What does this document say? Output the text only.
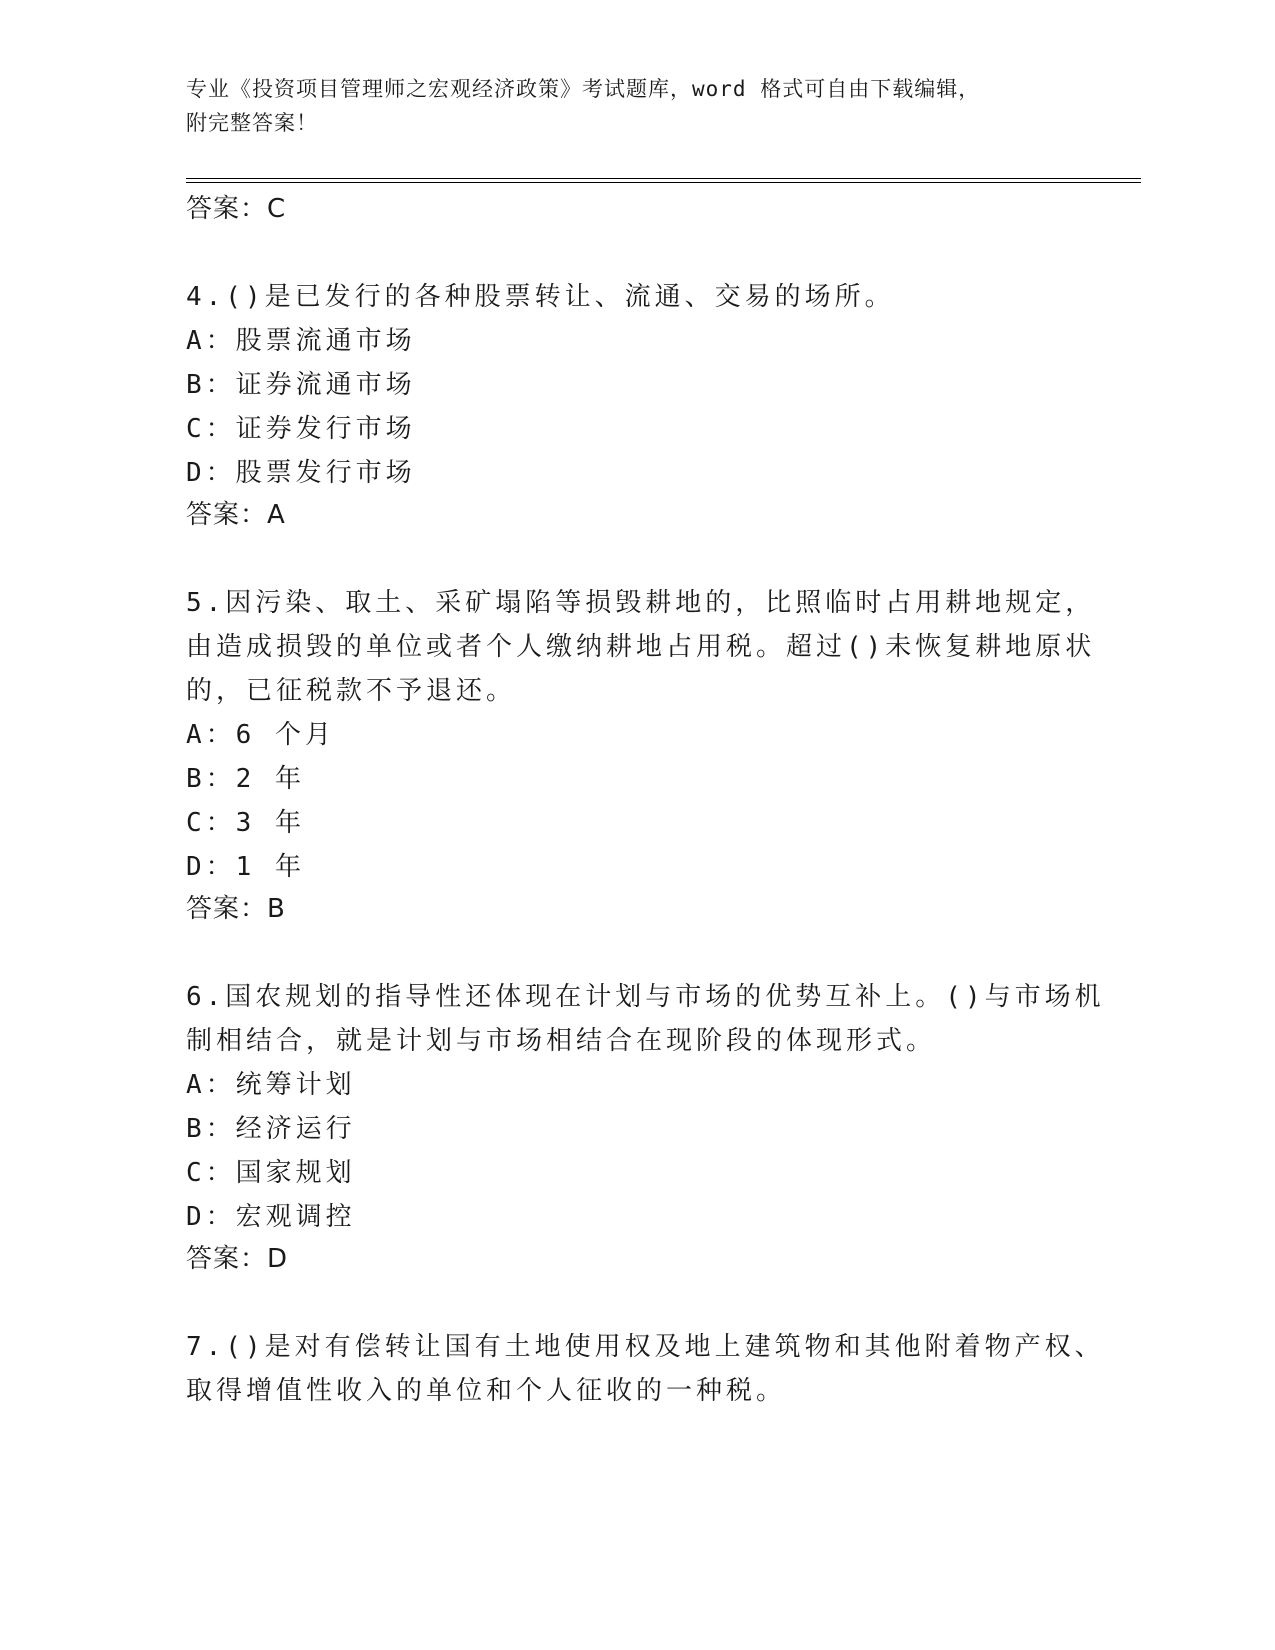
专业《投资项目管理师之宏观经济政策》考试题库，word 格式可自由下载编辑，
附完整答案！
答案：C
4.()是已发行的各种股票转让、流通、交易的场所。
A：股票流通市场
B：证券流通市场
C：证券发行市场
D：股票发行市场
答案：A
5.因污染、取土、采矿塌陷等损毁耕地的，比照临时占用耕地规定，
由造成损毁的单位或者个人缴纳耕地占用税。超过()未恢复耕地原状
的，已征税款不予退还。
A：6 个月
B：2 年
C：3 年
D：1 年
答案：B
6.国农规划的指导性还体现在计划与市场的优势互补上。()与市场机
制相结合，就是计划与市场相结合在现阶段的体现形式。
A：统筹计划
B：经济运行
C：国家规划
D：宏观调控
答案：D
7.()是对有偿转让国有土地使用权及地上建筑物和其他附着物产权、
取得增值性收入的单位和个人征收的一种税。
